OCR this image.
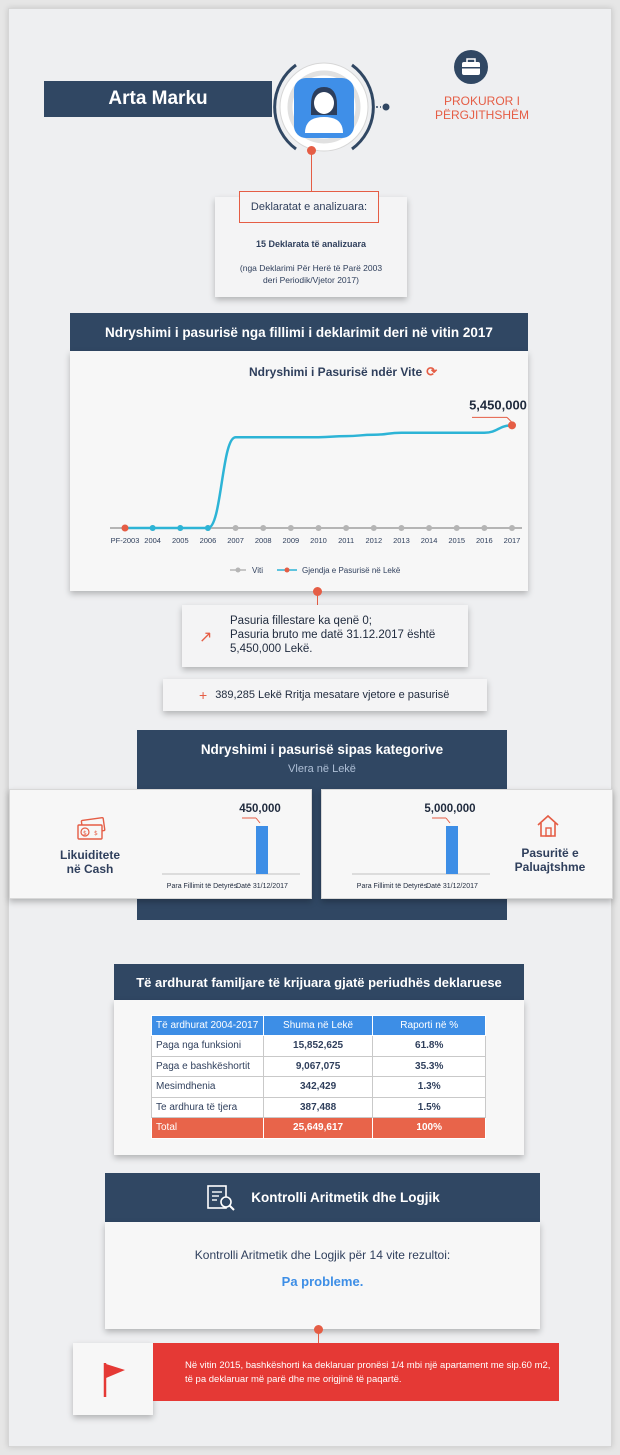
Arta Marku	PROKUROR I PËRGJITHSHËM
Deklaratat e analizuara:
15 Deklarata të analizuara
(nga Deklarimi Për Herë të Parë 2003
deri Periodik/Vjetor 2017)
Ndryshimi i pasurisë nga fillimi i deklarimit deri në vitin 2017
Ndryshimi i Pasurisë ndër Vite ⟳
PF-2003 2004 2005 2006 2007 2008 2009 2010 2011 2012 2013 2014 2015 2016 2017
5,450,000
Viti	Gjendja e Pasurisë në Lekë
↗
Pasuria fillestare ka qenë 0;
Pasuria bruto me datë 31.12.2017 është
5,450,000 Lekë.
+ 389,285 Lekë Rritja mesatare vjetore e pasurisë
Ndryshimi i pasurisë sipas kategorive
Vlera në Lekë
$ $
Likuiditete
në Cash
Para Fillimit të Detyrës
Datë 31/12/2017
450,000
Pasuritë e
Paluajtshme
Para Fillimit të Detyrës
Datë 31/12/2017
5,000,000
Të ardhurat familjare të krijuara gjatë periudhës deklaruese
Të ardhurat 2004-2017	Shuma në Lekë	Raporti në %
Paga nga funksioni	15,852,625	61.8%
Paga e bashkëshortit	9,067,075	35.3%
Mesimdhenia	342,429	1.3%
Te ardhura të tjera	387,488	1.5%
Total	25,649,617	100%
Kontrolli Aritmetik dhe Logjik
Kontrolli Aritmetik dhe Logjik për 14 vite rezultoi:
Pa probleme.
Në vitin 2015, bashkëshorti ka deklaruar pronësi 1/4 mbi një apartament me sip.60 m2,
të pa deklaruar më parë dhe me origjinë të paqartë.
